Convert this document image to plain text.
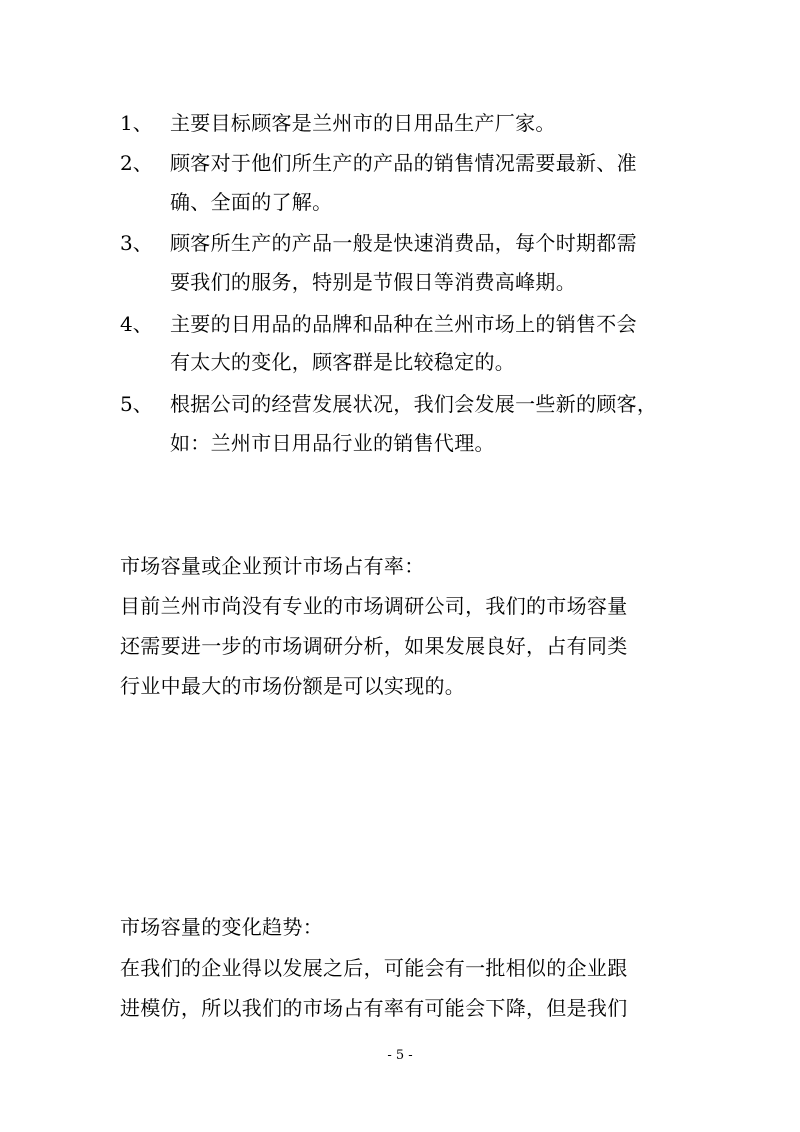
1、 主要目标顾客是兰州市的日用品生产厂家。
2、 顾客对于他们所生产的产品的销售情况需要最新、准
确、全面的了解。
3、 顾客所生产的产品一般是快速消费品，每个时期都需
要我们的服务，特别是节假日等消费高峰期。
4、 主要的日用品的品牌和品种在兰州市场上的销售不会
有太大的变化，顾客群是比较稳定的。
5、 根据公司的经营发展状况，我们会发展一些新的顾客，
如：兰州市日用品行业的销售代理。
市场容量或企业预计市场占有率：
目前兰州市尚没有专业的市场调研公司，我们的市场容量
还需要进一步的市场调研分析，如果发展良好，占有同类
行业中最大的市场份额是可以实现的。
市场容量的变化趋势：
在我们的企业得以发展之后，可能会有一批相似的企业跟
进模仿，所以我们的市场占有率有可能会下降，但是我们
- 5 -
